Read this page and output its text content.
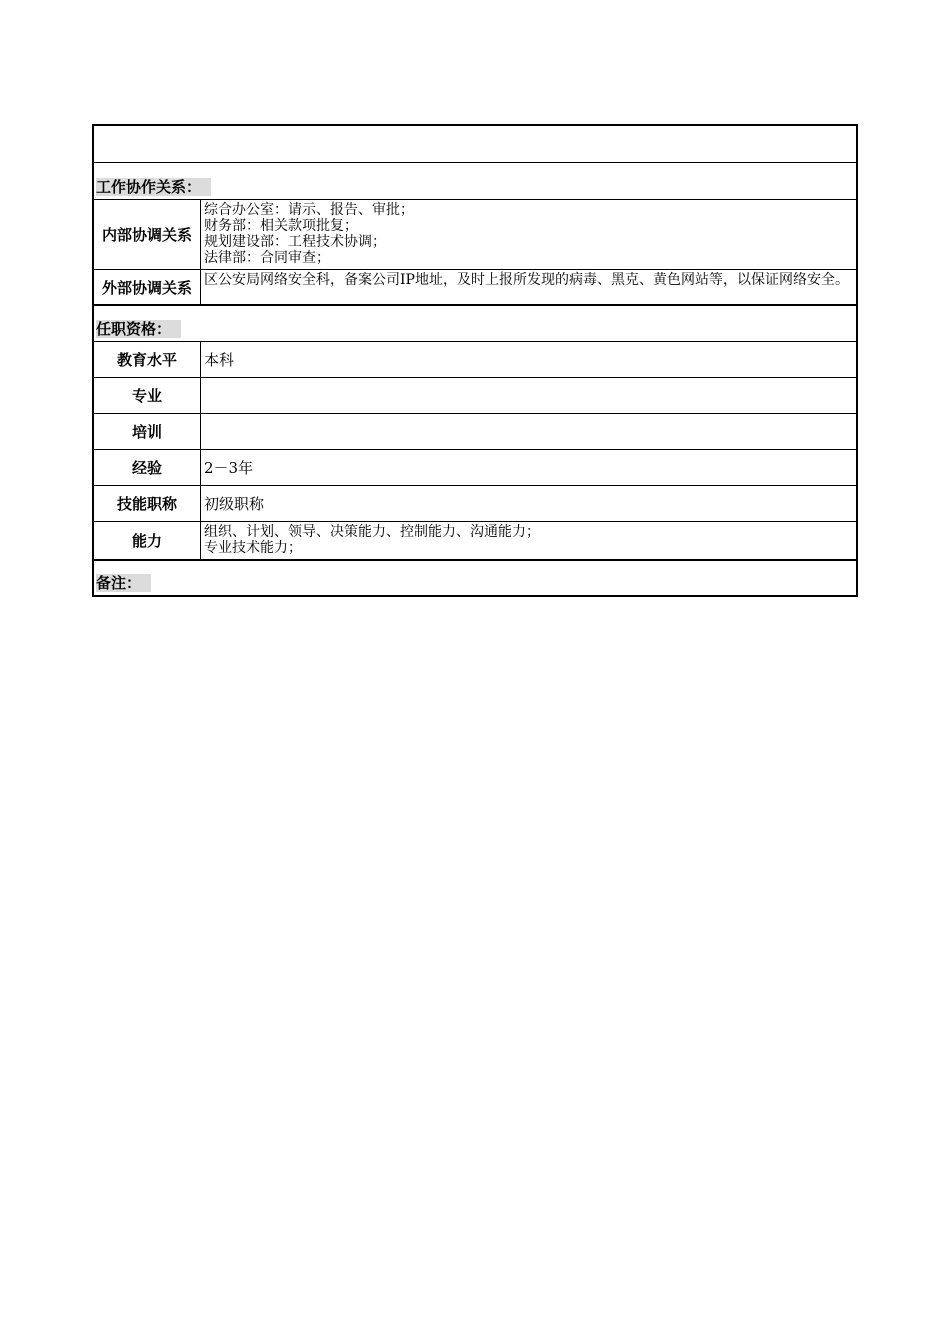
工作协作关系：
内部协调关系
综合办公室：请示、报告、审批；
财务部：相关款项批复；
规划建设部：工程技术协调；
法律部：合同审查；
外部协调关系 区公安局网络安全科，备案公司IP地址，及时上报所发现的病毒、黑克、黄色网站等，以保证网络安全。
任职资格：
教育水平	本科
专业
培训
经验	2－3年
技能职称	初级职称
能力	组织、计划、领导、决策能力、控制能力、沟通能力；
专业技术能力；
备注：
